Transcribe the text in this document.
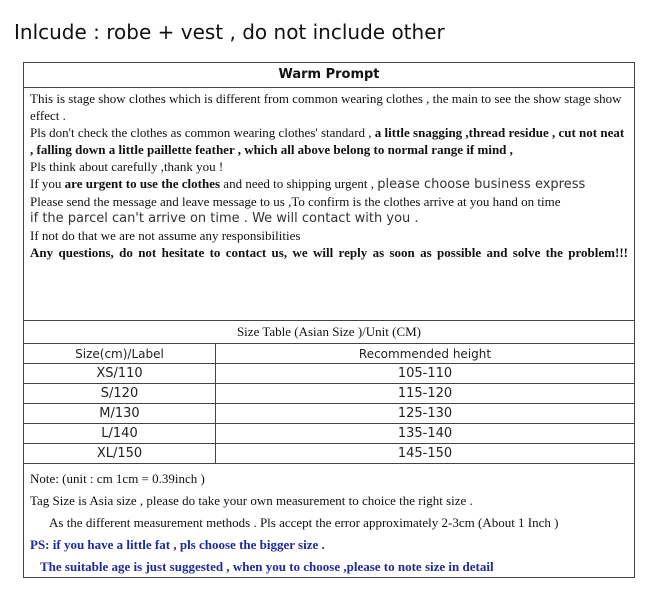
Inlcude : robe + vest , do not include other
Warm Prompt

This is stage show clothes which is different from common wearing clothes , the main to see the show stage show effect .

Pls don't check the clothes as common wearing clothes' standard , a little snagging ,thread residue , cut not neat , falling down a little paillette feather , which all above belong to normal range if mind ,

Pls think about carefully ,thank you !

If you are urgent to use the clothes and need to shipping urgent , please choose business express

Please send the message and leave message to us ,To confirm is the clothes arrive at you hand on time

if the parcel can't arrive on time . We will contact with you .

If not do that we are not assume any responsibilities

Any questions, do not hesitate to contact us, we will reply as soon as possible and solve the problem!!!

Size Table (Asian Size )/Unit (CM)
Size(cm)/Label	Recommended height
XS/110	105-110
S/120	115-120
M/130	125-130
L/140	135-140
XL/150	145-150

Note: (unit : cm 1cm = 0.39inch )

Tag Size is Asia size , please do take your own measurement to choice the right size .

As the different measurement methods . Pls accept the error approximately 2-3cm (About 1 Inch )

PS: if you have a little fat , pls choose the bigger size .

The suitable age is just suggested , when you to choose ,please to note size in detail
